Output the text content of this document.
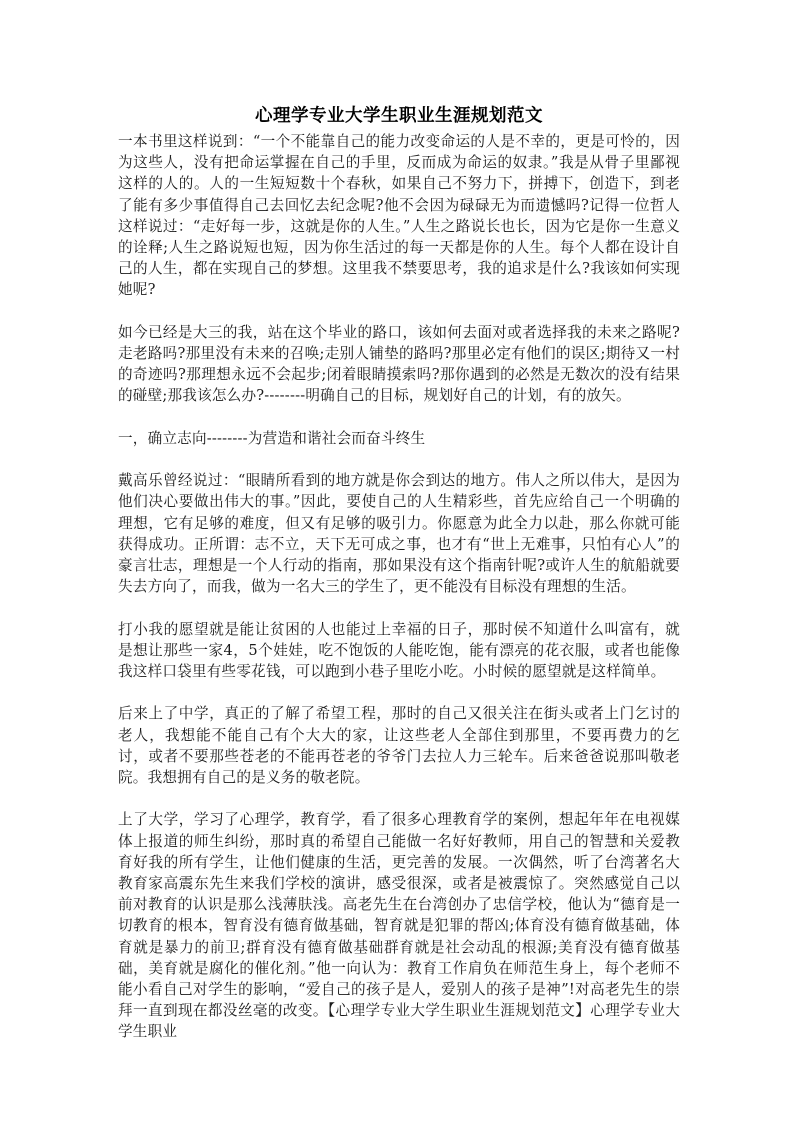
心理学专业大学生职业生涯规划范文

一本书里这样说到：“一个不能靠自己的能力改变命运的人是不幸的，更是可怜的，因为这些人，没有把命运掌握在自己的手里，反而成为命运的奴隶。”我是从骨子里鄙视这样的人的。人的一生短短数十个春秋，如果自己不努力下，拼搏下，创造下，到老了能有多少事值得自己去回忆去纪念呢?他不会因为碌碌无为而遗憾吗?记得一位哲人这样说过：“走好每一步，这就是你的人生。”人生之路说长也长，因为它是你一生意义的诠释;人生之路说短也短，因为你生活过的每一天都是你的人生。每个人都在设计自己的人生，都在实现自己的梦想。这里我不禁要思考，我的追求是什么?我该如何实现她呢?

如今已经是大三的我，站在这个毕业的路口，该如何去面对或者选择我的未来之路呢?走老路吗?那里没有未来的召唤;走别人铺垫的路吗?那里必定有他们的误区;期待又一村的奇迹吗?那理想永远不会起步;闭着眼睛摸索吗?那你遇到的必然是无数次的没有结果的碰壁;那我该怎么办?--------明确自己的目标，规划好自己的计划，有的放矢。

一，确立志向--------为营造和谐社会而奋斗终生

戴高乐曾经说过：“眼睛所看到的地方就是你会到达的地方。伟人之所以伟大，是因为他们决心要做出伟大的事。”因此，要使自己的人生精彩些，首先应给自己一个明确的理想，它有足够的难度，但又有足够的吸引力。你愿意为此全力以赴，那么你就可能获得成功。正所谓：志不立，天下无可成之事，也才有“世上无难事，只怕有心人”的豪言壮志，理想是一个人行动的指南，那如果没有这个指南针呢?或许人生的航船就要失去方向了，而我，做为一名大三的学生了，更不能没有目标没有理想的生活。

打小我的愿望就是能让贫困的人也能过上幸福的日子，那时侯不知道什么叫富有，就是想让那些一家4，5个娃娃，吃不饱饭的人能吃饱，能有漂亮的花衣服，或者也能像我这样口袋里有些零花钱，可以跑到小巷子里吃小吃。小时候的愿望就是这样简单。

后来上了中学，真正的了解了希望工程，那时的自己又很关注在街头或者上门乞讨的老人，我想能不能自己有个大大的家，让这些老人全部住到那里，不要再费力的乞讨，或者不要那些苍老的不能再苍老的爷爷门去拉人力三轮车。后来爸爸说那叫敬老院。我想拥有自己的是义务的敬老院。

上了大学，学习了心理学，教育学，看了很多心理教育学的案例，想起年年在电视媒体上报道的师生纠纷，那时真的希望自己能做一名好好教师，用自己的智慧和关爱教育好我的所有学生，让他们健康的生活，更完善的发展。一次偶然，听了台湾著名大教育家高震东先生来我们学校的演讲，感受很深，或者是被震惊了。突然感觉自己以前对教育的认识是那么浅薄肤浅。高老先生在台湾创办了忠信学校，他认为“德育是一切教育的根本，智育没有德育做基础，智育就是犯罪的帮凶;体育没有德育做基础，体育就是暴力的前卫;群育没有德育做基础群育就是社会动乱的根源;美育没有德育做基础，美育就是腐化的催化剂。”他一向认为：教育工作肩负在师范生身上，每个老师不能小看自己对学生的影响，“爱自己的孩子是人，爱别人的孩子是神”!对高老先生的崇拜一直到现在都没丝毫的改变。【心理学专业大学生职业生涯规划范文】心理学专业大学生职业
